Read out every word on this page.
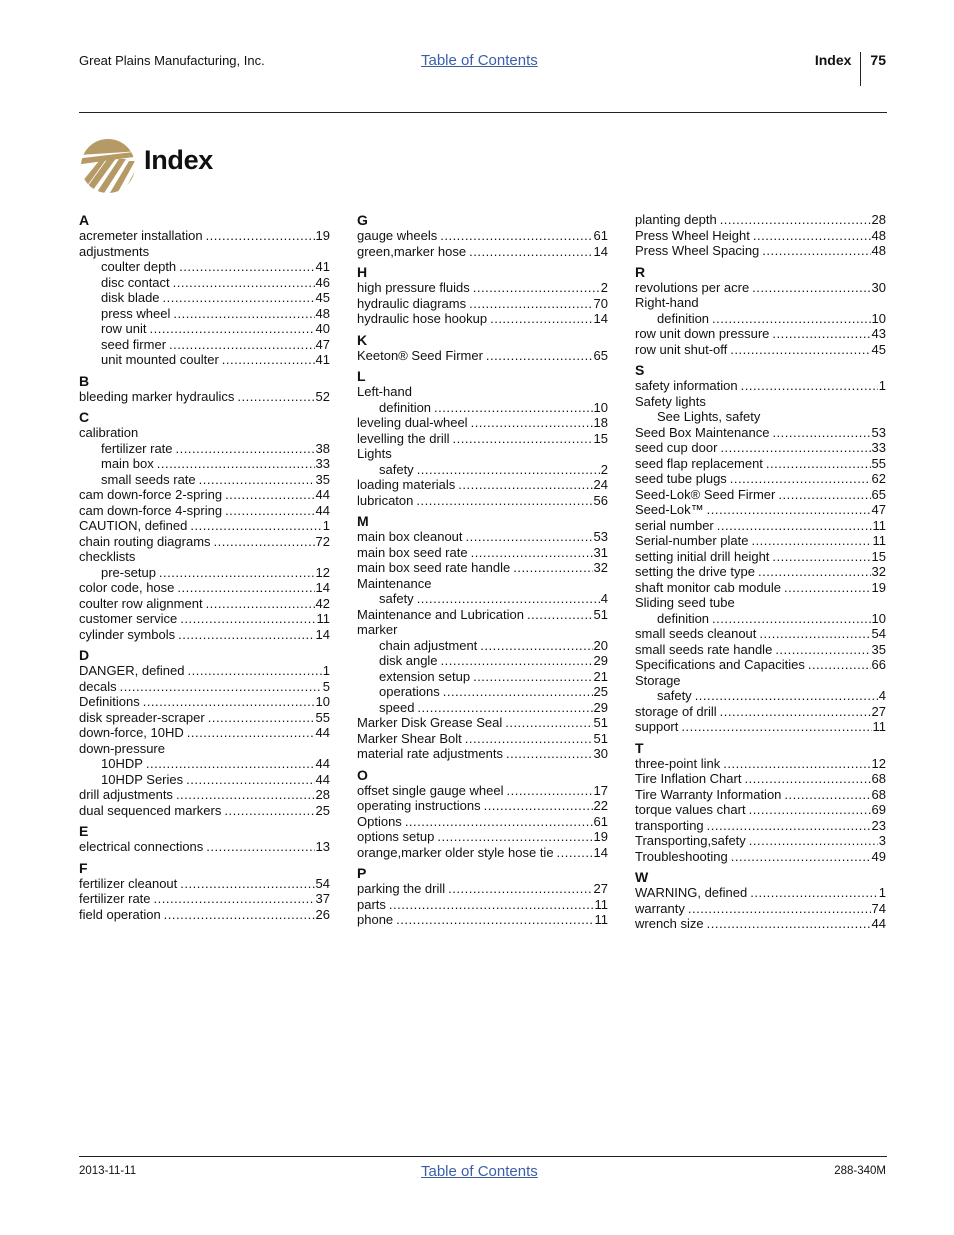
Great Plains Manufacturing, Inc.	Table of Contents	Index	75
Index
A
acremeter installation .....	19
adjustments
coulter depth .....	41
disc contact .....	46
disk blade .....	45
press wheel .....	48
row unit .....	40
seed firmer .....	47
unit mounted coulter .....	41
B
bleeding marker hydraulics .....	52
C
calibration
fertilizer rate .....	38
main box .....	33
small seeds rate .....	35
cam down-force 2-spring .....	44
cam down-force 4-spring .....	44
CAUTION, defined .....	1
chain routing diagrams .....	72
checklists
pre-setup .....	12
color code, hose .....	14
coulter row alignment .....	42
customer service .....	11
cylinder symbols .....	14
D
DANGER, defined .....	1
decals .....	5
Definitions .....	10
disk spreader-scraper .....	55
down-force, 10HD .....	44
down-pressure
10HDP .....	44
10HDP Series .....	44
drill adjustments .....	28
dual sequenced markers .....	25
E
electrical connections .....	13
F
fertilizer cleanout .....	54
fertilizer rate .....	37
field operation .....	26
G
gauge wheels .....	61
green,marker hose .....	14
H
high pressure fluids .....	2
hydraulic diagrams .....	70
hydraulic hose hookup .....	14
K
Keeton® Seed Firmer .....	65
L
Left-hand
definition .....	10
leveling dual-wheel .....	18
levelling the drill .....	15
Lights
safety .....	2
loading materials .....	24
lubricaton .....	56
M
main box cleanout .....	53
main box seed rate .....	31
main box seed rate handle .....	32
Maintenance
safety .....	4
Maintenance and Lubrication .....	51
marker
chain adjustment .....	20
disk angle .....	29
extension setup .....	21
operations .....	25
speed .....	29
Marker Disk Grease Seal .....	51
Marker Shear Bolt .....	51
material rate adjustments .....	30
O
offset single gauge wheel .....	17
operating instructions .....	22
Options .....	61
options setup .....	19
orange,marker older style hose tie .....	14
P
parking the drill .....	27
parts .....	11
phone .....	11
planting depth .....	28
Press Wheel Height .....	48
Press Wheel Spacing .....	48
R
revolutions per acre .....	30
Right-hand
definition .....	10
row unit down pressure .....	43
row unit shut-off .....	45
S
safety information .....	1
Safety lights
See Lights, safety
Seed Box Maintenance .....	53
seed cup door .....	33
seed flap replacement .....	55
seed tube plugs .....	62
Seed-Lok® Seed Firmer .....	65
Seed-Lok™ .....	47
serial number .....	11
Serial-number plate .....	11
setting initial drill height .....	15
setting the drive type .....	32
shaft monitor cab module .....	19
Sliding seed tube
definition .....	10
small seeds cleanout .....	54
small seeds rate handle .....	35
Specifications and Capacities .....	66
Storage
safety .....	4
storage of drill .....	27
support .....	11
T
three-point link .....	12
Tire Inflation Chart .....	68
Tire Warranty Information .....	68
torque values chart .....	69
transporting .....	23
Transporting,safety .....	3
Troubleshooting .....	49
W
WARNING, defined .....	1
warranty .....	74
wrench size .....	44
2013-11-11	Table of Contents	288-340M
